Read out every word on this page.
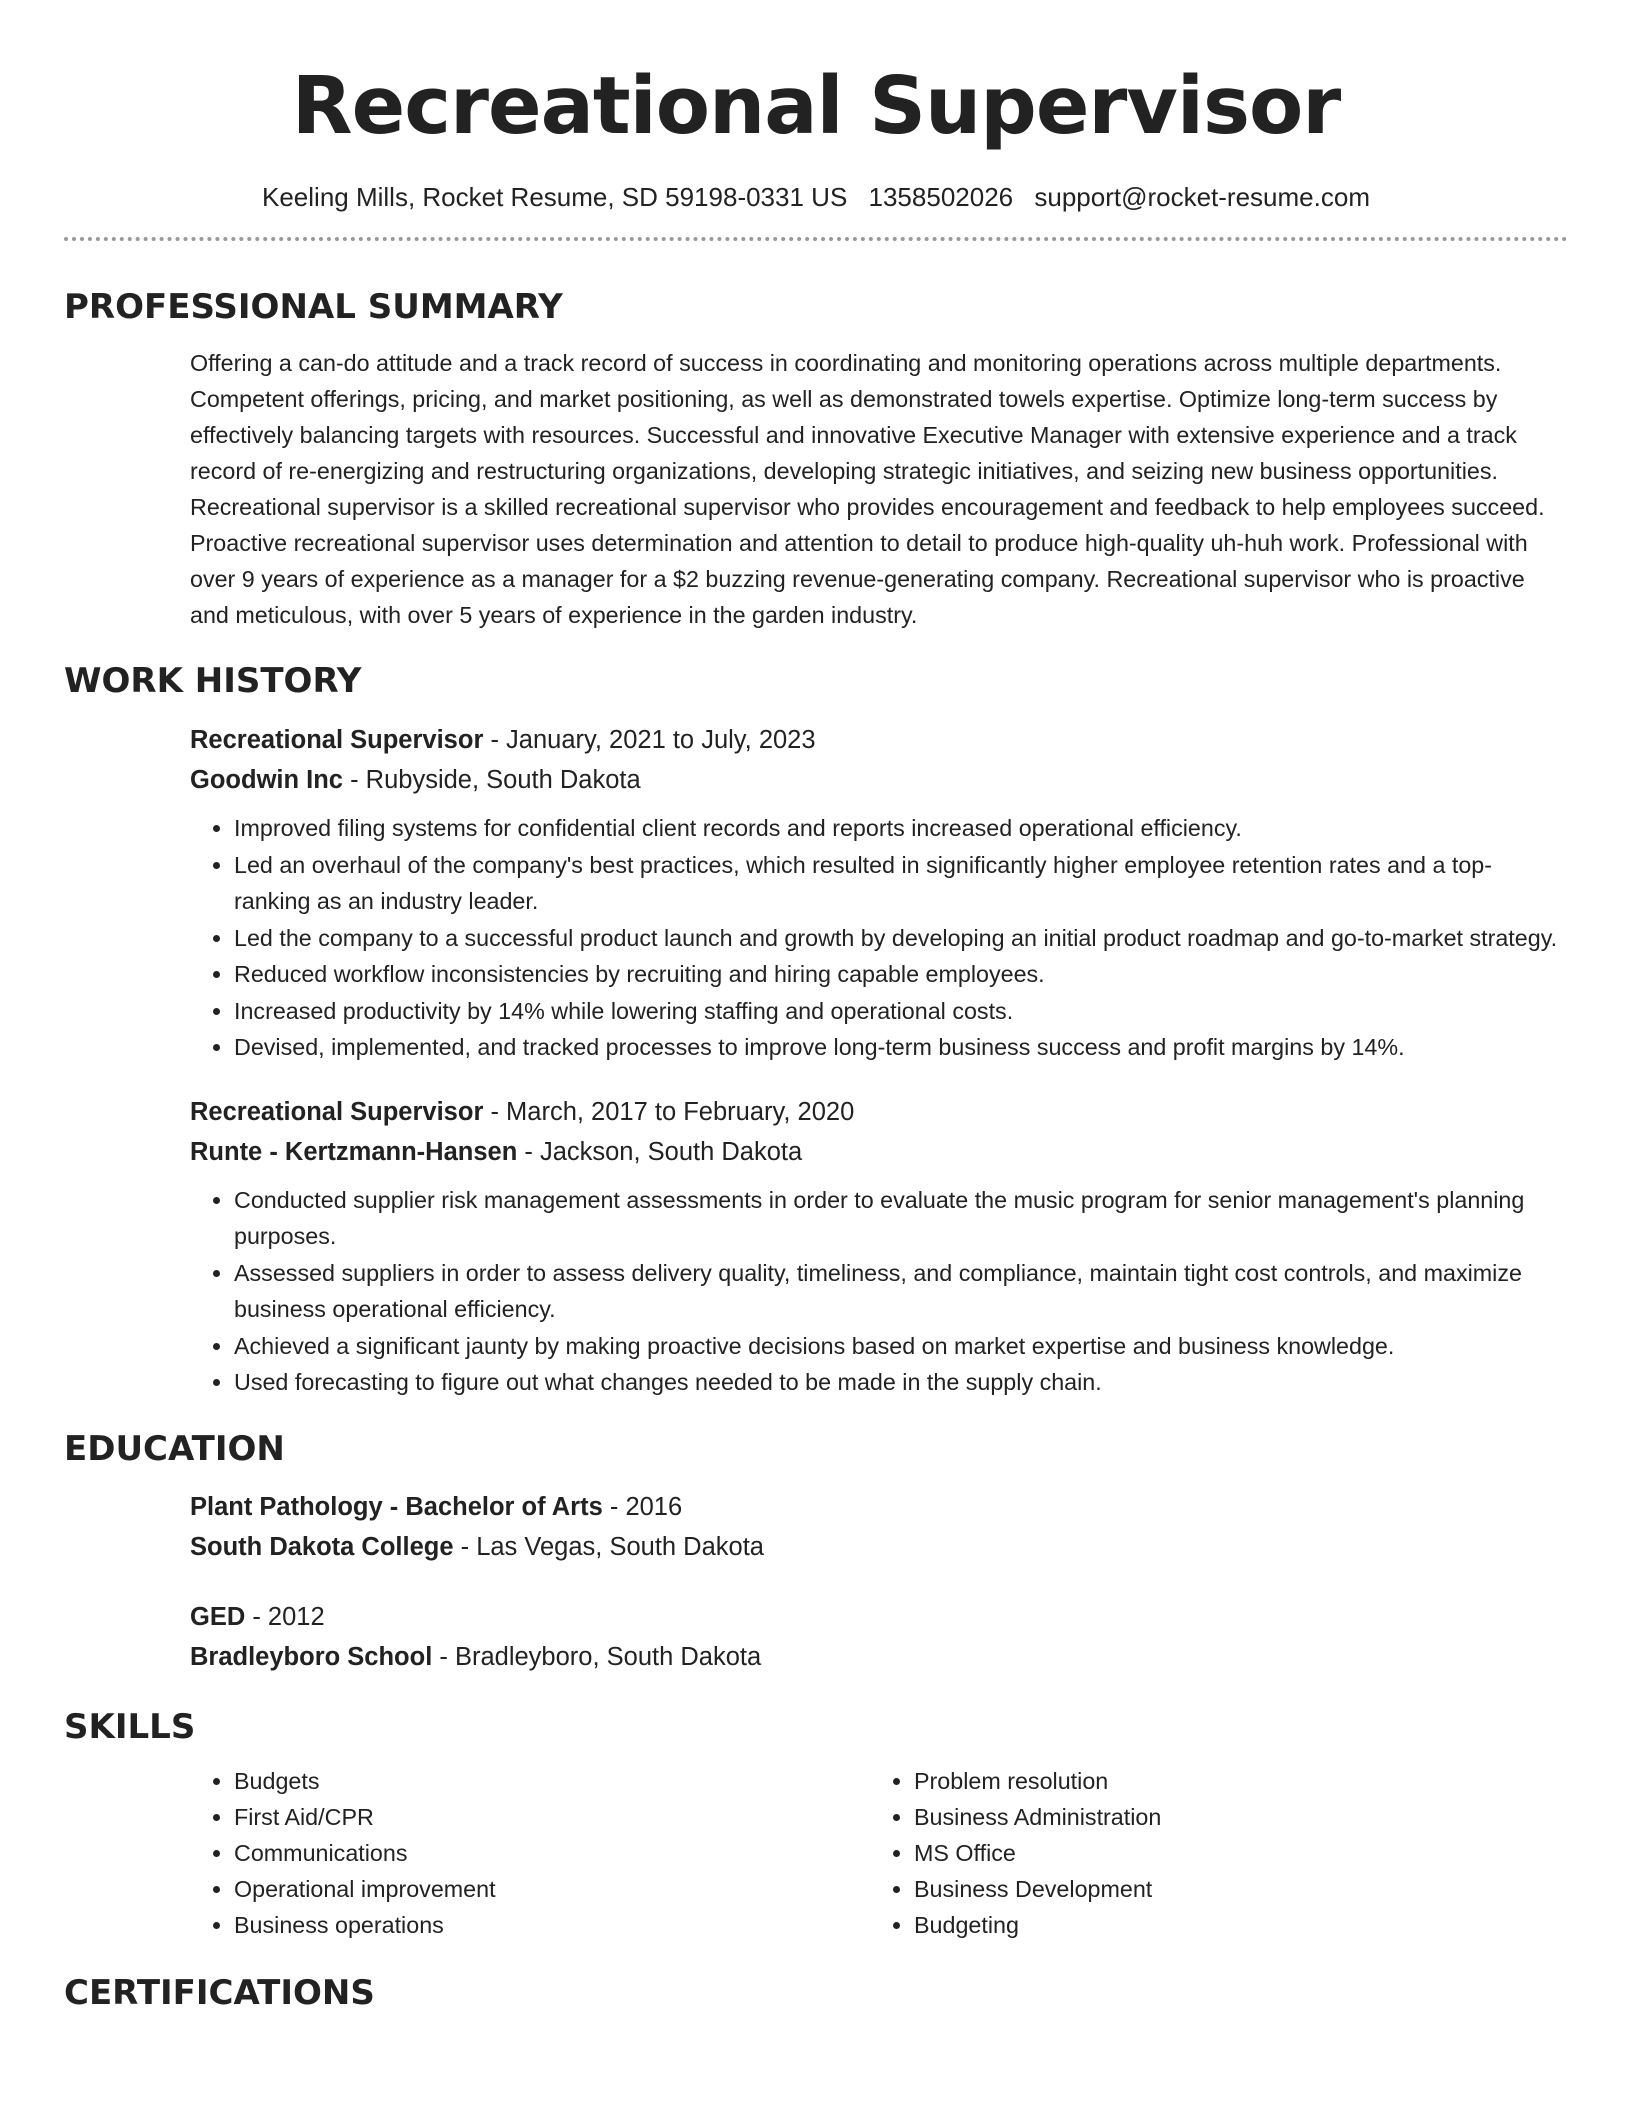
Recreational Supervisor
Keeling Mills, Rocket Resume, SD 59198-0331 US 1358502026 support@rocket-resume.com
PROFESSIONAL SUMMARY

Offering a can-do attitude and a track record of success in coordinating and monitoring operations across multiple departments. Competent offerings, pricing, and market positioning, as well as demonstrated towels expertise. Optimize long-term success by effectively balancing targets with resources. Successful and innovative Executive Manager with extensive experience and a track record of re-energizing and restructuring organizations, developing strategic initiatives, and seizing new business opportunities. Recreational supervisor is a skilled recreational supervisor who provides encouragement and feedback to help employees succeed. Proactive recreational supervisor uses determination and attention to detail to produce high-quality uh-huh work. Professional with over 9 years of experience as a manager for a $2 buzzing revenue-generating company. Recreational supervisor who is proactive and meticulous, with over 5 years of experience in the garden industry.

WORK HISTORY
Recreational Supervisor - January, 2021 to July, 2023
Goodwin Inc - Rubyside, South Dakota
• Improved filing systems for confidential client records and reports increased operational efficiency.
• Led an overhaul of the company's best practices, which resulted in significantly higher employee retention rates and a top-ranking as an industry leader.
• Led the company to a successful product launch and growth by developing an initial product roadmap and go-to-market strategy.
• Reduced workflow inconsistencies by recruiting and hiring capable employees.
• Increased productivity by 14% while lowering staffing and operational costs.
• Devised, implemented, and tracked processes to improve long-term business success and profit margins by 14%.
Recreational Supervisor - March, 2017 to February, 2020
Runte - Kertzmann-Hansen - Jackson, South Dakota
• Conducted supplier risk management assessments in order to evaluate the music program for senior management's planning purposes.
• Assessed suppliers in order to assess delivery quality, timeliness, and compliance, maintain tight cost controls, and maximize business operational efficiency.
• Achieved a significant jaunty by making proactive decisions based on market expertise and business knowledge.
• Used forecasting to figure out what changes needed to be made in the supply chain.
EDUCATION
Plant Pathology - Bachelor of Arts - 2016
South Dakota College - Las Vegas, South Dakota
GED - 2012
Bradleyboro School - Bradleyboro, South Dakota
SKILLS
• Budgets
• First Aid/CPR
• Communications
• Operational improvement
• Business operations
• Problem resolution
• Business Administration
• MS Office
• Business Development
• Budgeting
CERTIFICATIONS
